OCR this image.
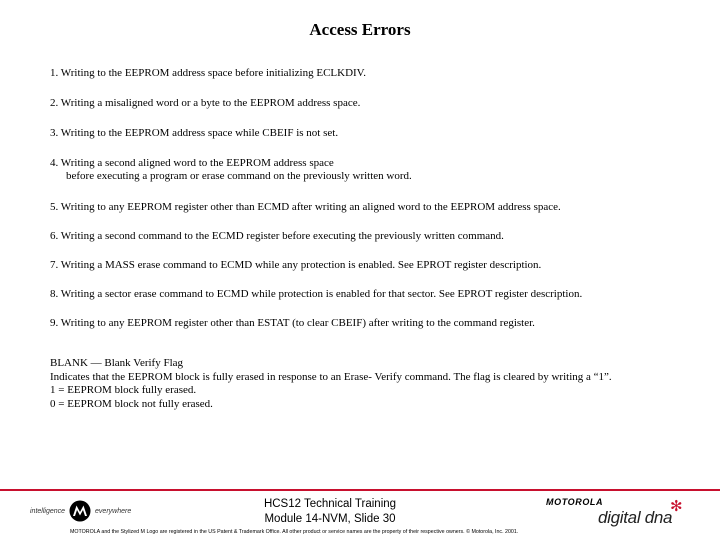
Access Errors
1. Writing to the EEPROM address space before initializing ECLKDIV.
2. Writing a misaligned word or a byte to the EEPROM address space.
3. Writing to the EEPROM address space while CBEIF is not set.
4. Writing a second aligned word to the EEPROM address space
before executing a program or erase command on the previously written word.
5. Writing to any EEPROM register other than ECMD after writing an aligned word to the EEPROM address space.
6. Writing a second command to the ECMD register before executing the previously written command.
7. Writing a MASS erase command to ECMD while any protection is enabled. See EPROT register description.
8. Writing a sector erase command to ECMD while protection is enabled for that sector. See EPROT register description.
9. Writing to any EEPROM register other than ESTAT (to clear CBEIF) after writing to the command register.
BLANK — Blank Verify Flag
Indicates that the EEPROM block is fully erased in response to an Erase- Verify command. The flag is cleared by writing a “1”.
1 = EEPROM block fully erased.
0 = EEPROM block not fully erased.
intelligence	everywhere
HCS12 Technical Training
Module 14-NVM, Slide 30
MOTOROLA
digital dna
✻
MOTOROLA and the Stylized M Logo are registered in the US Patent & Trademark Office. All other product or service names are the property of their respective owners. © Motorola, Inc. 2001.
